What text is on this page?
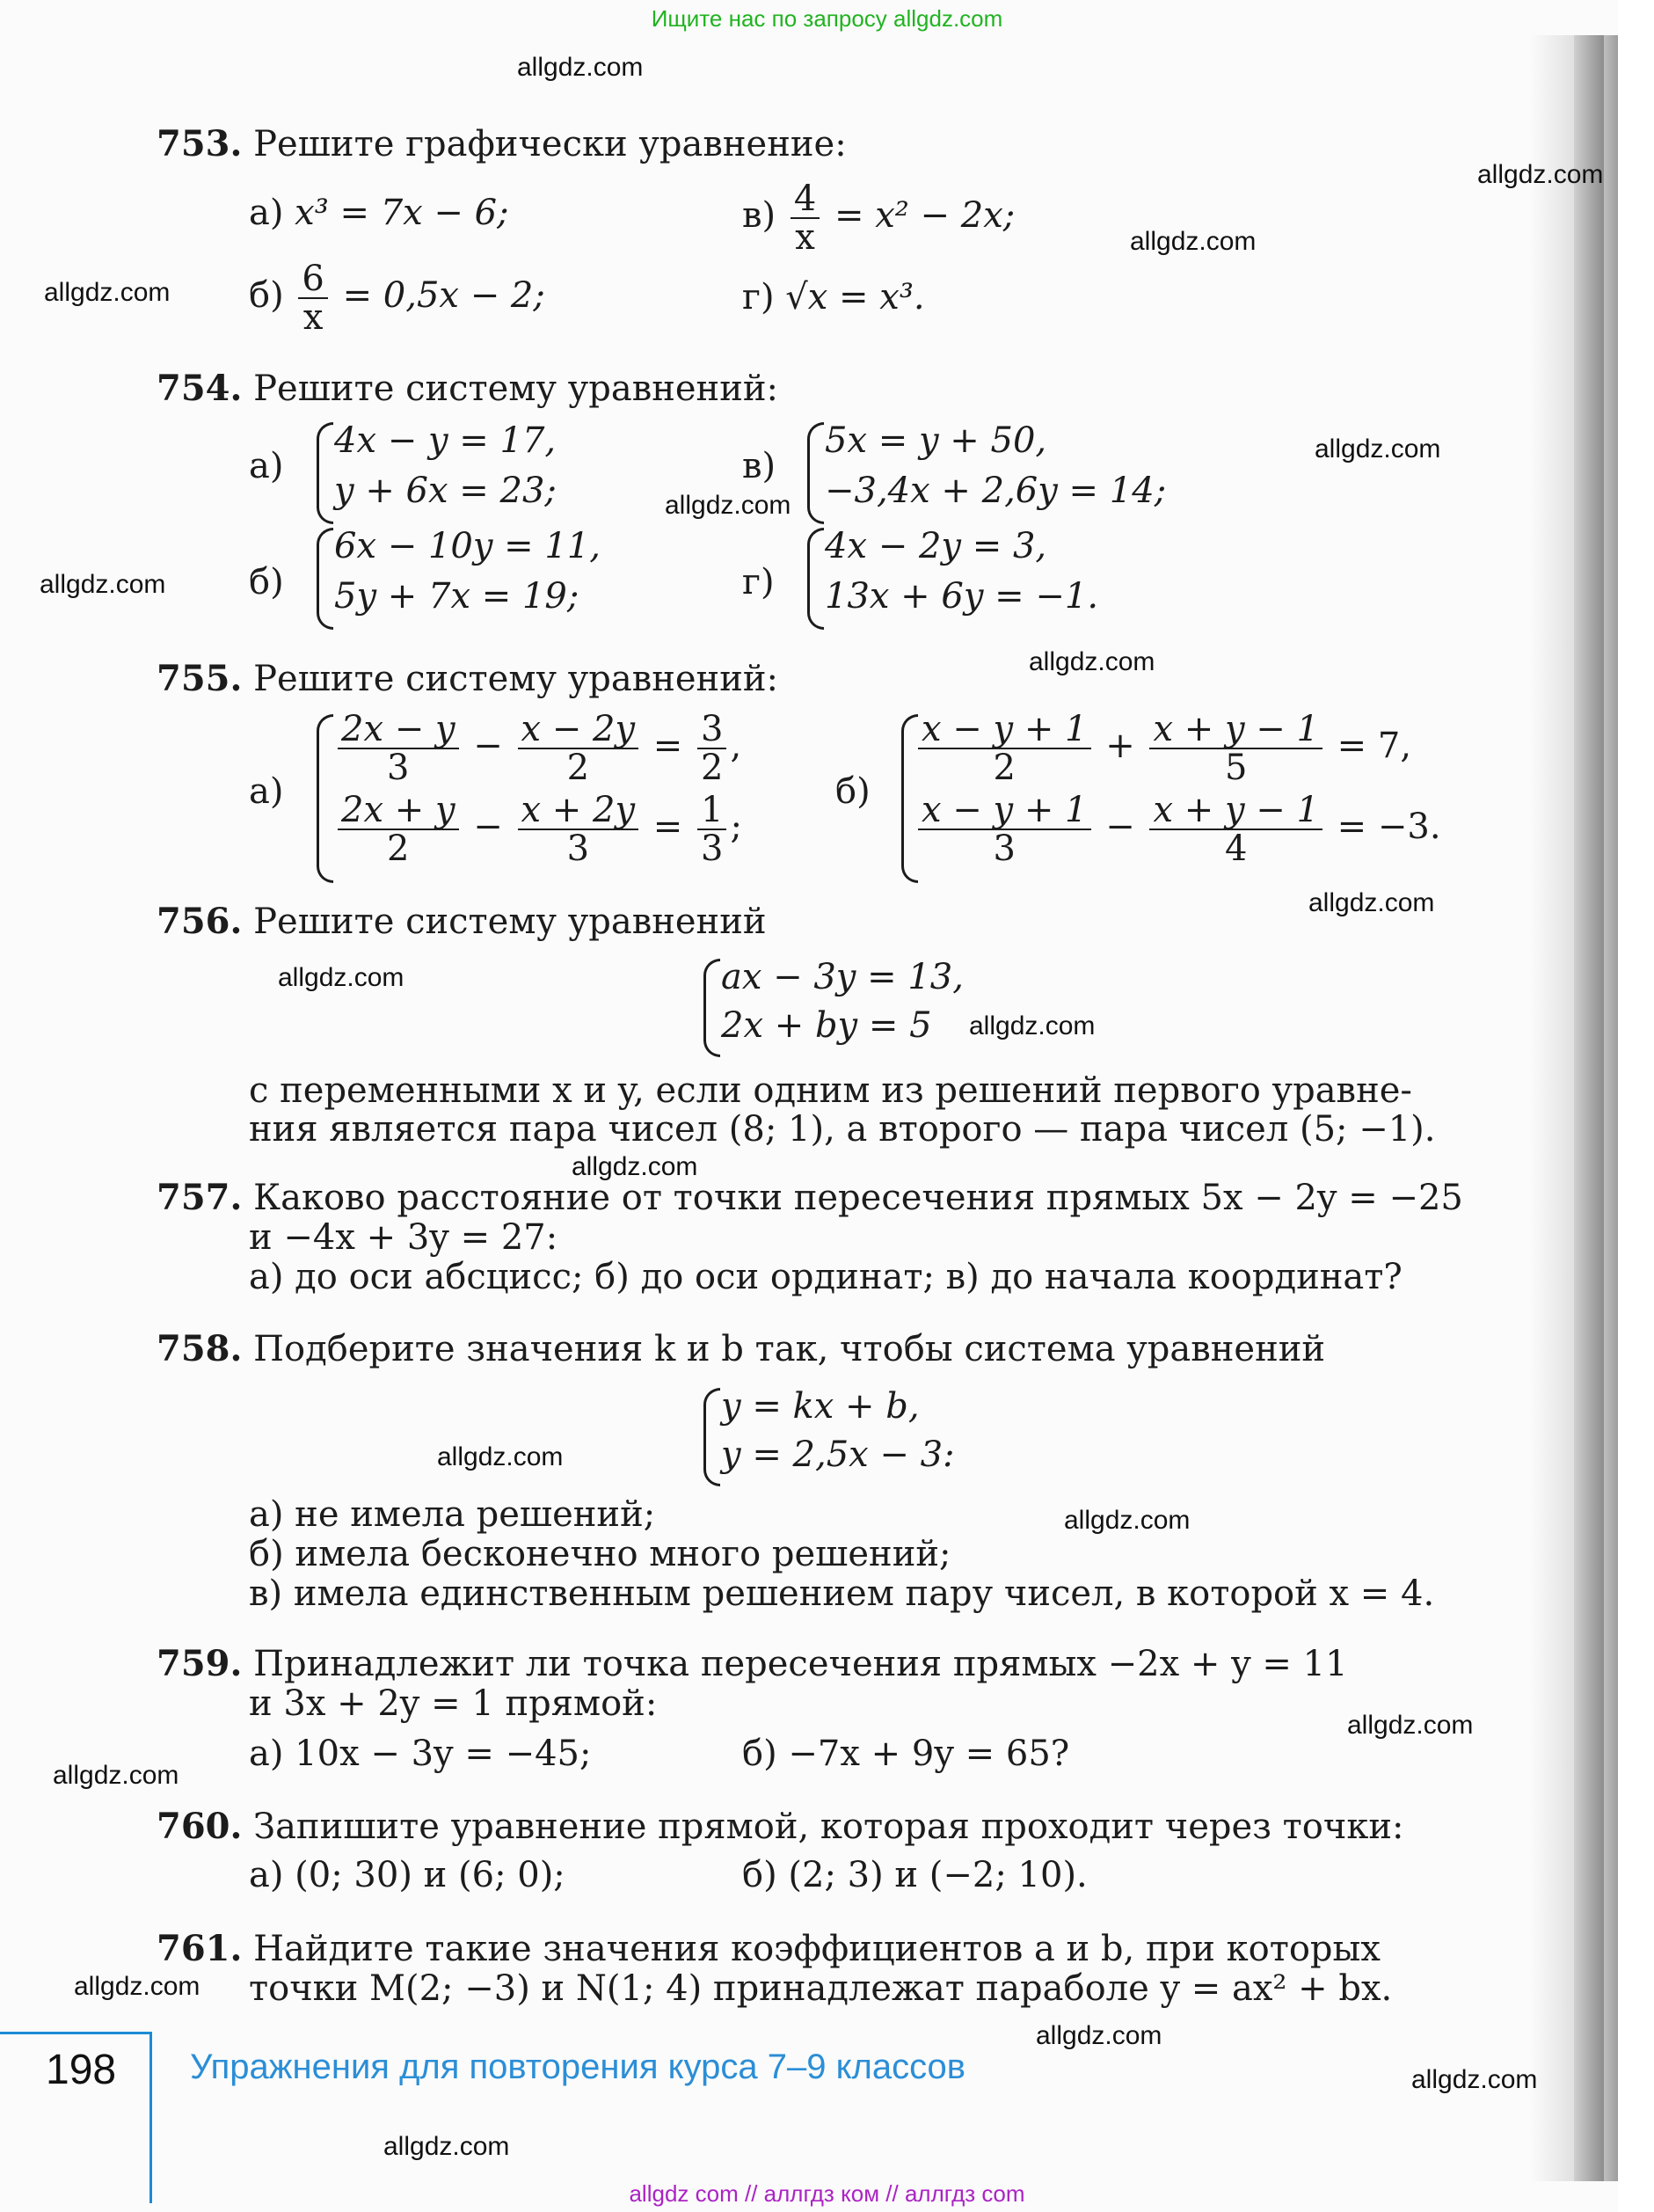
Ищите нас по запросу allgdz.com
allgdz.com
allgdz.com
allgdz.com
allgdz.com
allgdz.com
allgdz.com
allgdz.com
allgdz.com
allgdz.com
allgdz.com
allgdz.com
allgdz.com
allgdz.com
allgdz.com
allgdz.com
allgdz.com
allgdz.com
allgdz.com
allgdz.com
allgdz.com
753. Решите графически уравнение:
а) x³ = 7x − 6;	$в) \frac{4}{x} = x^2 - 2x$;
$б) \frac{6}{x} = 0,5x - 2$;	г) √x = x³.
754. Решите систему уравнений:
а)
4x − y = 17,
y + 6x = 23;
в)
5x = y + 50,
−3,4x + 2,6y = 14;
б)
6x − 10y = 11,
5y + 7x = 19;	г)
4x − 2y = 3,
13x + 6y = −1.
755. Решите систему уравнений:
а)
$\frac{2x - y}{3} - \frac{x - 2y}{2} = \frac{3}{2}$ ,
$\frac{2x + y}{2} - \frac{x + 2y}{3} = \frac{1}{3}$ ;
б)
$\frac{x - y + 1}{2} + \frac{x + y - 1}{5} = 7$,
$\frac{x - y + 1}{3} - \frac{x + y - 1}{4} = -3$.
756. Решите систему уравнений
ax − 3y = 13,
2x + by = 5
с переменными x и y, если одним из решений первого уравне-
ния является пара чисел (8; 1), а второго — пара чисел (5; −1).
757. Каково расстояние от точки пересечения прямых 5x − 2y = −25
и −4x + 3y = 27:
а) до оси абсцисс; б) до оси ординат; в) до начала координат?
758. Подберите значения k и b так, чтобы система уравнений
y = kx + b,
y = 2,5x − 3:
а) не имела решений;
б) имела бесконечно много решений;
в) имела единственным решением пару чисел, в которой x = 4.
759. Принадлежит ли точка пересечения прямых −2x + y = 11
и 3x + 2y = 1 прямой:
а) 10x − 3y = −45;	б) −7x + 9y = 65?
760. Запишите уравнение прямой, которая проходит через точки:
а) (0; 30) и (6; 0);	б) (2; 3) и (−2; 10).
761. Найдите такие значения коэффициентов a и b, при которых
точки M(2; −3) и N(1; 4) принадлежат параболе y = ax² + bx.
198 Упражнения для повторения курса 7–9 классов
allgdz com // аллгдз ком // аллгдз com
